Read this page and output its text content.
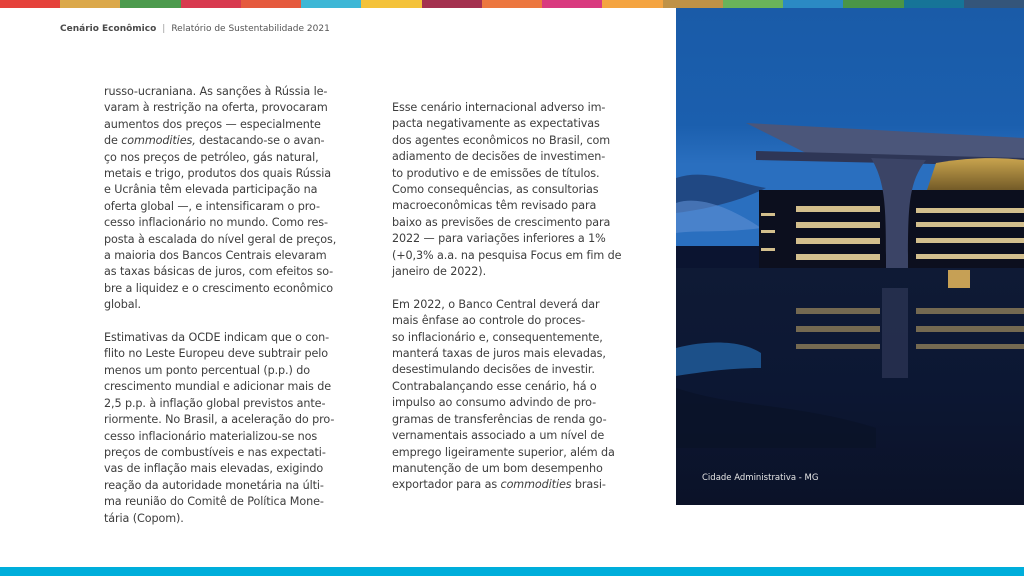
Cenário Econômico | Relatório de Sustentabilidade 2021

russo-ucraniana. As sanções à Rússia le-
varam à restrição na oferta, provocaram
aumentos dos preços — especialmente
de commodities, destacando-se o avan-
ço nos preços de petróleo, gás natural,
metais e trigo, produtos dos quais Rússia
e Ucrânia têm elevada participação na
oferta global —, e intensificaram o pro-
cesso inflacionário no mundo. Como res-
posta à escalada do nível geral de preços,
a maioria dos Bancos Centrais elevaram
as taxas básicas de juros, com efeitos so-
bre a liquidez e o crescimento econômico
global.

Estimativas da OCDE indicam que o con-
flito no Leste Europeu deve subtrair pelo
menos um ponto percentual (p.p.) do
crescimento mundial e adicionar mais de
2,5 p.p. à inflação global previstos ante-
riormente. No Brasil, a aceleração do pro-
cesso inflacionário materializou-se nos
preços de combustíveis e nas expectati-
vas de inflação mais elevadas, exigindo
reação da autoridade monetária na últi-
ma reunião do Comitê de Política Mone-
tária (Copom).

Esse cenário internacional adverso im-
pacta negativamente as expectativas
dos agentes econômicos no Brasil, com
adiamento de decisões de investimen-
to produtivo e de emissões de títulos.
Como consequências, as consultorias
macroeconômicas têm revisado para
baixo as previsões de crescimento para
2022 — para variações inferiores a 1%
(+0,3% a.a. na pesquisa Focus em fim de
janeiro de 2022).

Em 2022, o Banco Central deverá dar
mais ênfase ao controle do proces-
so inflacionário e, consequentemente,
manterá taxas de juros mais elevadas,
desestimulando decisões de investir.
Contrabalançando esse cenário, há o
impulso ao consumo advindo de pro-
gramas de transferências de renda go-
vernamentais associado a um nível de
emprego ligeiramente superior, além da
manutenção de um bom desempenho
exportador para as commodities brasi-

Cidade Administrativa - MG
